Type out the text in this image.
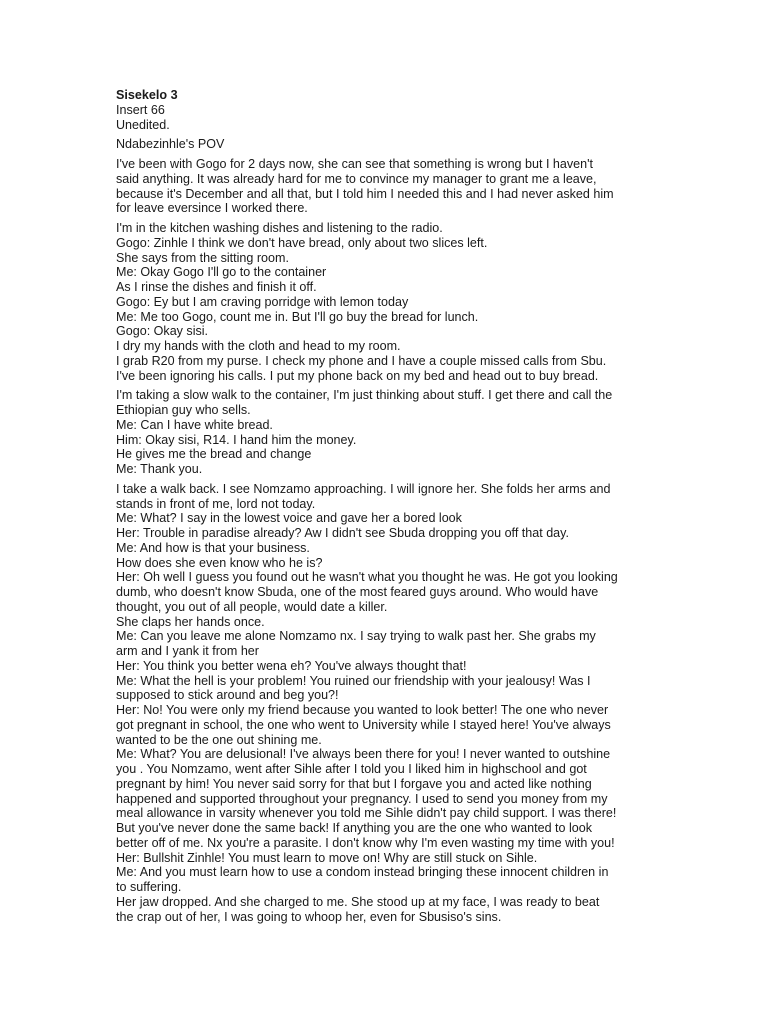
Sisekelo 3

Insert 66

Unedited.

Ndabezinhle's POV

I've been with Gogo for 2 days now, she can see that something is wrong but I haven't

said anything. It was already hard for me to convince my manager to grant me a leave,

because it's December and all that, but I told him I needed this and I had never asked him

for leave eversince I worked there.

I'm in the kitchen washing dishes and listening to the radio.

Gogo: Zinhle I think we don't have bread, only about two slices left.

She says from the sitting room.

Me: Okay Gogo I'll go to the container

As I rinse the dishes and finish it off.

Gogo: Ey but I am craving porridge with lemon today

Me: Me too Gogo, count me in. But I'll go buy the bread for lunch.

Gogo: Okay sisi.

I dry my hands with the cloth and head to my room.

I grab R20 from my purse. I check my phone and I have a couple missed calls from Sbu.

I've been ignoring his calls. I put my phone back on my bed and head out to buy bread.

I'm taking a slow walk to the container, I'm just thinking about stuff. I get there and call the

Ethiopian guy who sells.

Me: Can I have white bread.

Him: Okay sisi, R14. I hand him the money.

He gives me the bread and change

Me: Thank you.

I take a walk back. I see Nomzamo approaching. I will ignore her. She folds her arms and

stands in front of me, lord not today.

Me: What? I say in the lowest voice and gave her a bored look

Her: Trouble in paradise already? Aw I didn't see Sbuda dropping you off that day.

Me: And how is that your business.

How does she even know who he is?

Her: Oh well I guess you found out he wasn't what you thought he was. He got you looking

dumb, who doesn't know Sbuda, one of the most feared guys around. Who would have

thought, you out of all people, would date a killer.

She claps her hands once.

Me: Can you leave me alone Nomzamo nx. I say trying to walk past her. She grabs my

arm and I yank it from her

Her: You think you better wena eh? You've always thought that!

Me: What the hell is your problem! You ruined our friendship with your jealousy! Was I

supposed to stick around and beg you?!

Her: No! You were only my friend because you wanted to look better! The one who never

got pregnant in school, the one who went to University while I stayed here! You've always

wanted to be the one out shining me.

Me: What? You are delusional! I've always been there for you! I never wanted to outshine

you . You Nomzamo, went after Sihle after I told you I liked him in highschool and got

pregnant by him! You never said sorry for that but I forgave you and acted like nothing

happened and supported throughout your pregnancy. I used to send you money from my

meal allowance in varsity whenever you told me Sihle didn't pay child support. I was there!

But you've never done the same back! If anything you are the one who wanted to look

better off of me. Nx you're a parasite. I don't know why I'm even wasting my time with you!

Her: Bullshit Zinhle! You must learn to move on! Why are still stuck on Sihle.

Me: And you must learn how to use a condom instead bringing these innocent children in

to suffering.

Her jaw dropped. And she charged to me. She stood up at my face, I was ready to beat

the crap out of her, I was going to whoop her, even for Sbusiso's sins.
